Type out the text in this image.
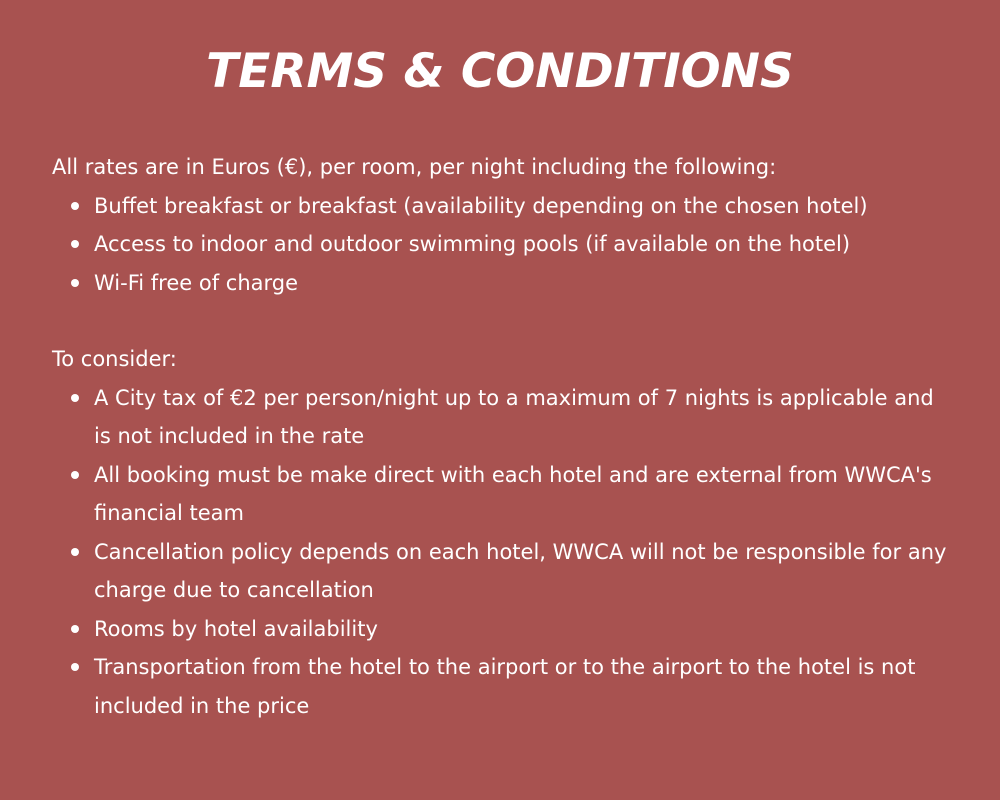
TERMS & CONDITIONS

All rates are in Euros (€), per room, per night including the following:

Buffet breakfast or breakfast (availability depending on the chosen hotel)
Access to indoor and outdoor swimming pools (if available on the hotel)
Wi-Fi free of charge

To consider:

A City tax of €2 per person/night up to a maximum of 7 nights is applicable and is not included in the rate
All booking must be make direct with each hotel and are external from WWCA's financial team
Cancellation policy depends on each hotel, WWCA will not be responsible for any charge due to cancellation
Rooms by hotel availability
Transportation from the hotel to the airport or to the airport to the hotel is not included in the price
